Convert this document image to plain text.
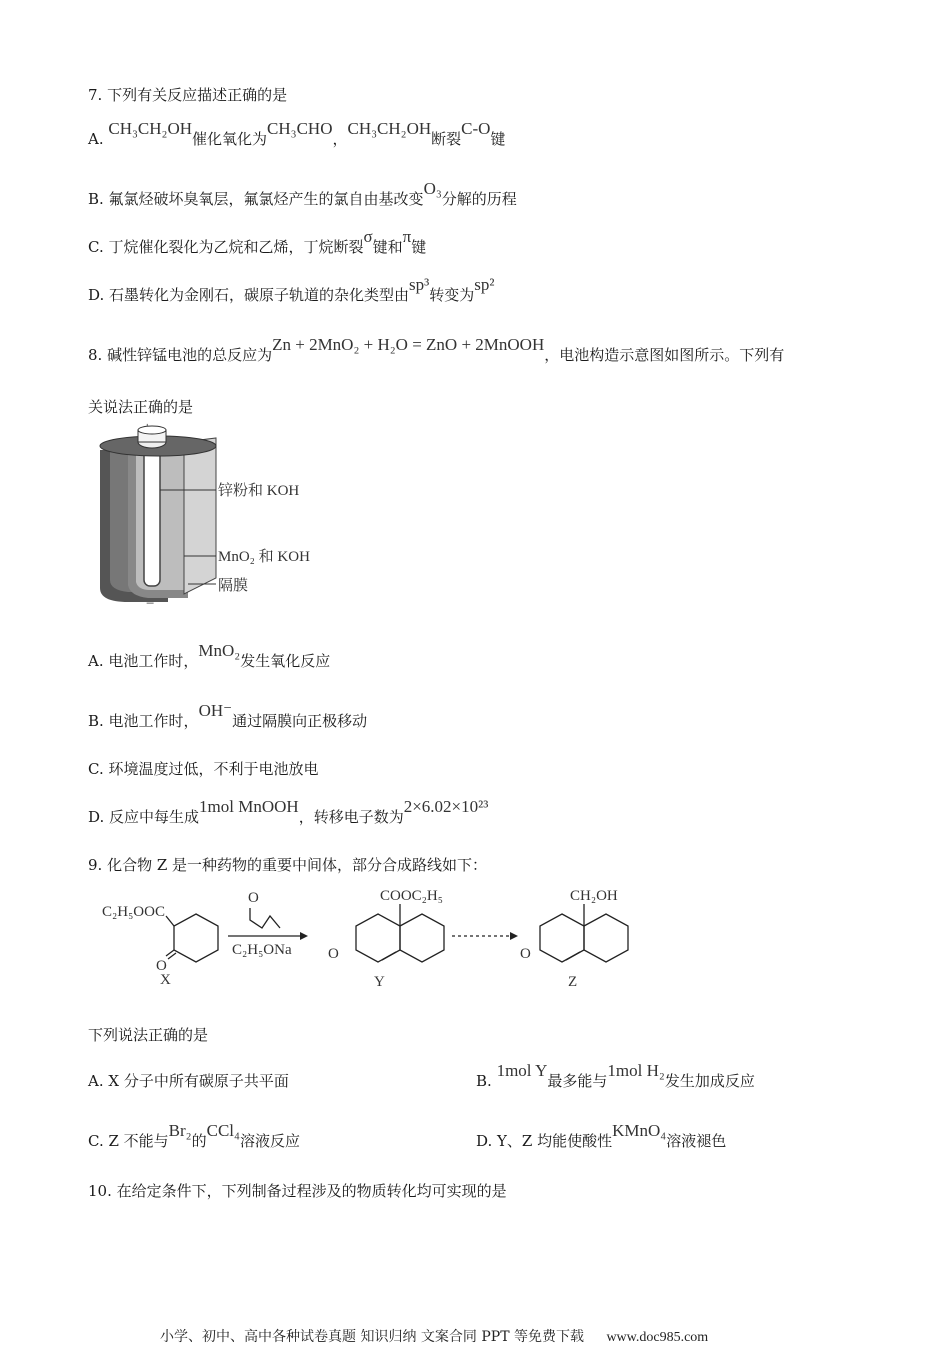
7. 下列有关反应描述正确的是
A. CH₃CH₂OH催化氧化为CH₃CHO，CH₃CH₂OH断裂C-O键
B. 氟氯烃破坏臭氧层，氟氯烃产生的氯自由基改变O₃分解的历程
C. 丁烷催化裂化为乙烷和乙烯，丁烷断裂σ键和π键
D. 石墨转化为金刚石，碳原子轨道的杂化类型由sp³转变为sp²
8. 碱性锌锰电池的总反应为Zn + 2MnO₂ + H₂O = ZnO + 2MnOOH，电池构造示意图如图所示。下列有
关说法正确的是
锌粉和 KOH
MnO₂ 和 KOH
隔膜
−
A. 电池工作时，MnO₂发生氧化反应
B. 电池工作时，OH⁻通过隔膜向正极移动
C. 环境温度过低，不利于电池放电
D. 反应中每生成1mol MnOOH，转移电子数为2×6.02×10²³
9. 化合物 Z 是一种药物的重要中间体，部分合成路线如下：
C₂H₅OOC
O
X
O
C₂H₅ONa
COOC₂H₅
O
Y
CH₂OH
O
Z
下列说法正确的是
A. X 分子中所有碳原子共平面	B. 1mol Y最多能与1mol H₂发生加成反应
C. Z 不能与Br₂的CCl₄溶液反应	D. Y、Z 均能使酸性KMnO₄溶液褪色
10. 在给定条件下，下列制备过程涉及的物质转化均可实现的是
小学、初中、高中各种试卷真题 知识归纳 文案合同 PPT 等免费下载 www.doc985.com
